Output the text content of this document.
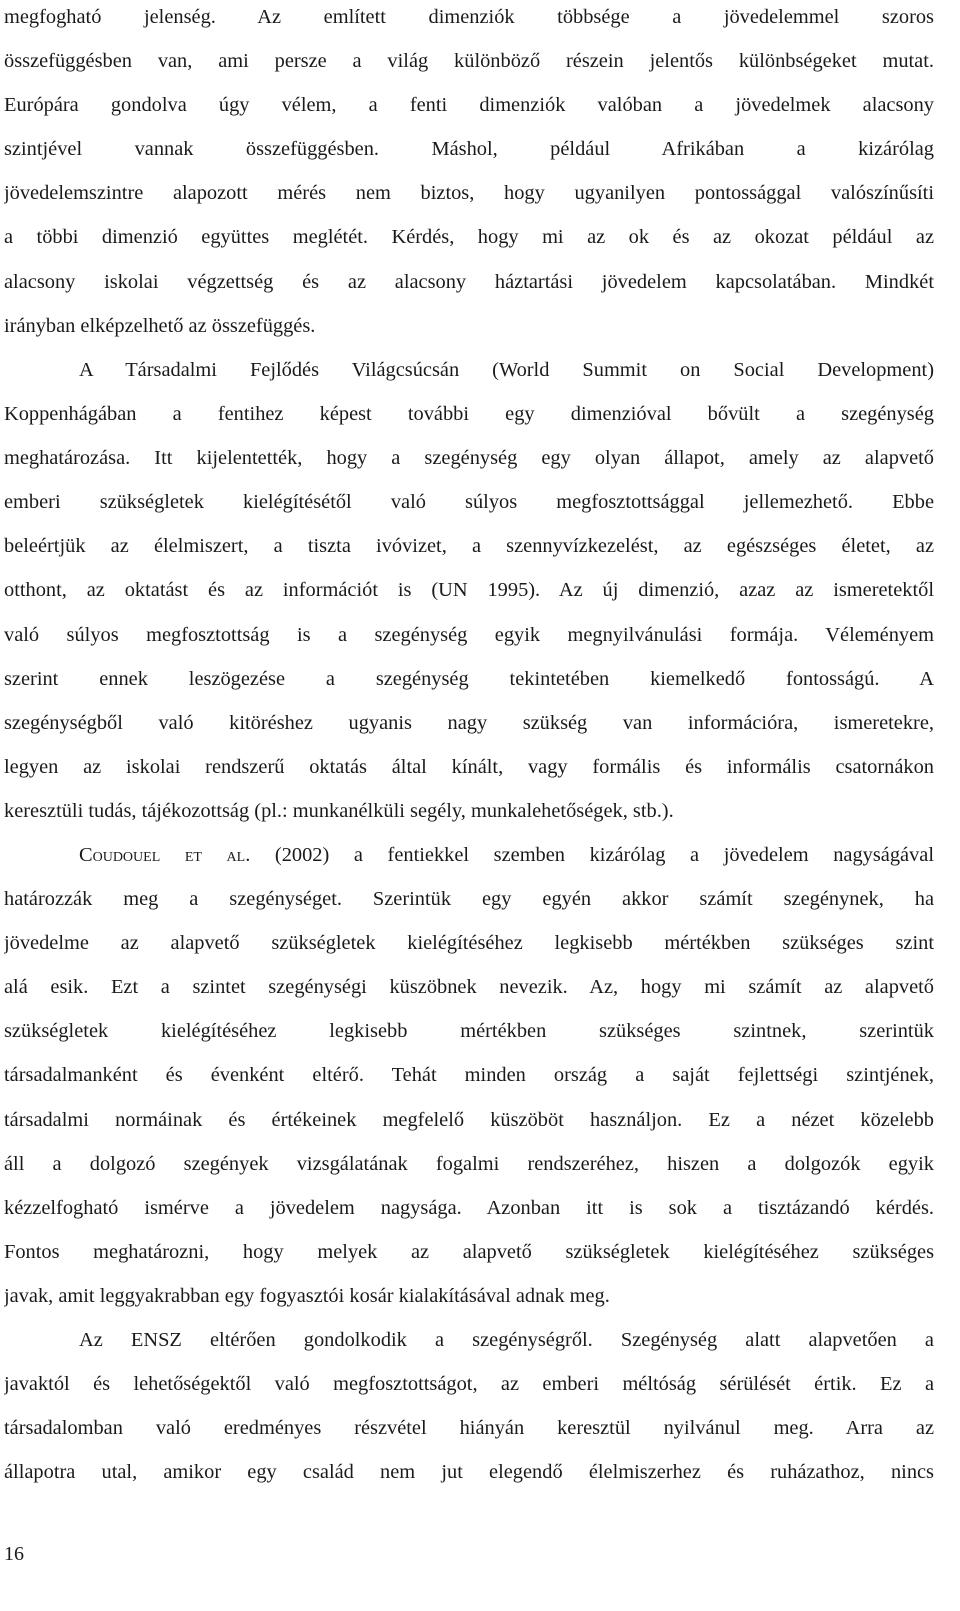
megfogható jelenség. Az említett dimenziók többsége a jövedelemmel szoros
összefüggésben van, ami persze a világ különböző részein jelentős különbségeket mutat.
Európára gondolva úgy vélem, a fenti dimenziók valóban a jövedelmek alacsony
szintjével vannak összefüggésben. Máshol, például Afrikában a kizárólag
jövedelemszintre alapozott mérés nem biztos, hogy ugyanilyen pontossággal valószínűsíti
a többi dimenzió együttes meglétét. Kérdés, hogy mi az ok és az okozat például az
alacsony iskolai végzettség és az alacsony háztartási jövedelem kapcsolatában. Mindkét
irányban elképzelhető az összefüggés.
A Társadalmi Fejlődés Világcsúcsán (World Summit on Social Development)
Koppenhágában a fentihez képest további egy dimenzióval bővült a szegénység
meghatározása. Itt kijelentették, hogy a szegénység egy olyan állapot, amely az alapvető
emberi szükségletek kielégítésétől való súlyos megfosztottsággal jellemezhető. Ebbe
beleértjük az élelmiszert, a tiszta ivóvizet, a szennyvízkezelést, az egészséges életet, az
otthont, az oktatást és az információt is (UN 1995). Az új dimenzió, azaz az ismeretektől
való súlyos megfosztottság is a szegénység egyik megnyilvánulási formája. Véleményem
szerint ennek leszögezése a szegénység tekintetében kiemelkedő fontosságú. A
szegénységből való kitöréshez ugyanis nagy szükség van információra, ismeretekre,
legyen az iskolai rendszerű oktatás által kínált, vagy formális és informális csatornákon
keresztüli tudás, tájékozottság (pl.: munkanélküli segély, munkalehetőségek, stb.).
Coudouel et al. (2002) a fentiekkel szemben kizárólag a jövedelem nagyságával
határozzák meg a szegénységet. Szerintük egy egyén akkor számít szegénynek, ha
jövedelme az alapvető szükségletek kielégítéséhez legkisebb mértékben szükséges szint
alá esik. Ezt a szintet szegénységi küszöbnek nevezik. Az, hogy mi számít az alapvető
szükségletek kielégítéséhez legkisebb mértékben szükséges szintnek, szerintük
társadalmanként és évenként eltérő. Tehát minden ország a saját fejlettségi szintjének,
társadalmi normáinak és értékeinek megfelelő küszöböt használjon. Ez a nézet közelebb
áll a dolgozó szegények vizsgálatának fogalmi rendszeréhez, hiszen a dolgozók egyik
kézzelfogható ismérve a jövedelem nagysága. Azonban itt is sok a tisztázandó kérdés.
Fontos meghatározni, hogy melyek az alapvető szükségletek kielégítéséhez szükséges
javak, amit leggyakrabban egy fogyasztói kosár kialakításával adnak meg.
Az ENSZ eltérően gondolkodik a szegénységről. Szegénység alatt alapvetően a
javaktól és lehetőségektől való megfosztottságot, az emberi méltóság sérülését értik. Ez a
társadalomban való eredményes részvétel hiányán keresztül nyilvánul meg. Arra az
állapotra utal, amikor egy család nem jut elegendő élelmiszerhez és ruházathoz, nincs
16
